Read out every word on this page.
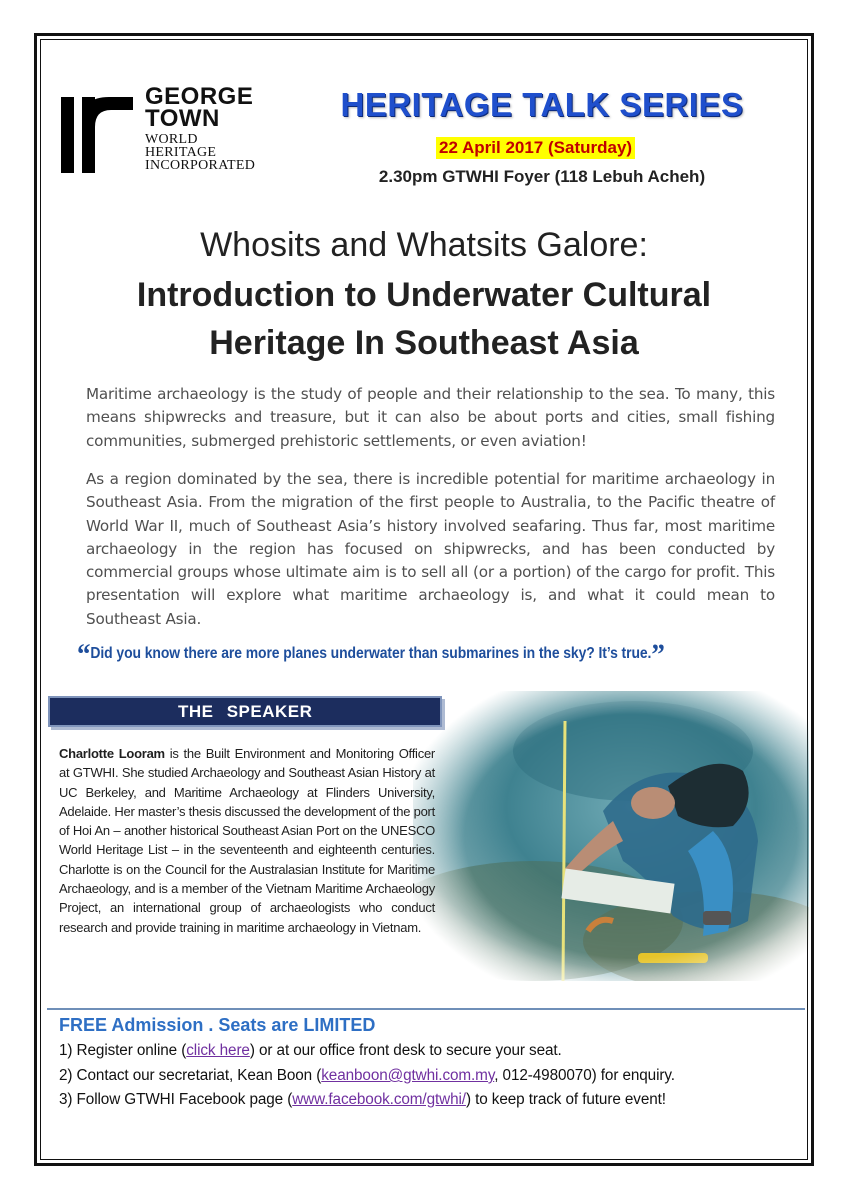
GEORGE
TOWN
WORLD
HERITAGE
INCORPORATED
HERITAGE TALK SERIES
22 April 2017 (Saturday)
2.30pm GTWHI Foyer (118 Lebuh Acheh)
Whosits and Whatsits Galore:
Introduction to Underwater Cultural
Heritage In Southeast Asia

Maritime archaeology is the study of people and their relationship to the sea. To many, this means shipwrecks and treasure, but it can also be about ports and cities, small fishing communities, submerged prehistoric settlements, or even aviation!

As a region dominated by the sea, there is incredible potential for maritime archaeology in Southeast Asia. From the migration of the first people to Australia, to the Pacific theatre of World War II, much of Southeast Asia’s history involved seafaring. Thus far, most maritime archaeology in the region has focused on shipwrecks, and has been conducted by commercial groups whose ultimate aim is to sell all (or a portion) of the cargo for profit. This presentation will explore what maritime archaeology is, and what it could mean to Southeast Asia.

“Did you know there are more planes underwater than submarines in the sky? It’s true.”
THE SPEAKER

Charlotte Looram is the Built Environment and Monitoring Officer at GTWHI. She studied Archaeology and Southeast Asian History at UC Berkeley, and Maritime Archaeology at Flinders University, Adelaide. Her master’s thesis discussed the development of the port of Hoi An – another historical Southeast Asian Port on the UNESCO World Heritage List – in the seventeenth and eighteenth centuries. Charlotte is on the Council for the Australasian Institute for Maritime Archaeology, and is a member of the Vietnam Maritime Archaeology Project, an international group of archaeologists who conduct research and provide training in maritime archaeology in Vietnam.

FREE Admission . Seats are LIMITED
1) Register online (click here) or at our office front desk to secure your seat.
2) Contact our secretariat, Kean Boon (keanboon@gtwhi.com.my, 012-4980070) for enquiry.
3) Follow GTWHI Facebook page (www.facebook.com/gtwhi/) to keep track of future event!
